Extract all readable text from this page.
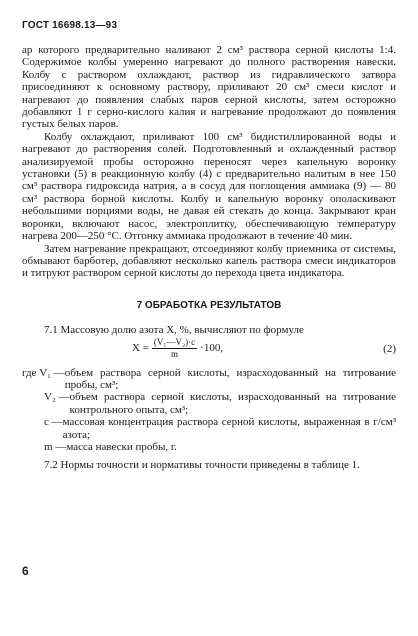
ГОСТ 16698.13—93

ар которого предварительно наливают 2 см³ раствора серной кислоты 1:4. Содержимое колбы умеренно нагревают до полного растворения навески. Колбу с раствором охлаждают, раствор из гидравлического затвора присоединяют к основному раствору, приливают 20 см³ смеси кислот и нагревают до появления слабых паров серной кислоты, затем осторожно добавляют 1 г серно-кислого калия и нагревание продолжают до появления густых белых паров.

Колбу охлаждают, приливают 100 см³ бидистиллированной воды и нагревают до растворения солей. Подготовленный и охлажденный раствор анализируемой пробы осторожно переносят через капельную воронку установки (5) в реакционную колбу (4) с предварительно налитым в нее 150 см³ раствора гидроксида натрия, а в сосуд для поглощения аммиака (9) — 80 см³ раствора борной кислоты. Колбу и капельную воронку ополаскивают небольшими порциями воды, не давая ей стекать до конца. Закрывают кран воронки, включают насос, электроплитку, обеспечивающую температуру нагрева 200—250 °С. Отгонку аммиака продолжают в течение 40 мин.

Затем нагревание прекращают, отсоединяют колбу приемника от системы, обмывают барботер, добавляют несколько капель раствора смеси индикаторов и титруют раствором серной кислоты до перехода цвета индикатора.

7 ОБРАБОТКА РЕЗУЛЬТАТОВ

7.1 Массовую долю азота X, %, вычисляют по формуле

$X = \frac{\text{(V₁—V₂)·c}}{m} \cdot 100$,	(2)
где V₁ — объем раствора серной кислоты, израсходованный на титрование пробы, см³;
V₂ — объем раствора серной кислоты, израсходованный на титрование контрольного опыта, см³;
с — массовая концентрация раствора серной кислоты, выраженная в г/см³ азота;
m — масса навески пробы, г.

7.2 Нормы точности и нормативы точности приведены в таблице 1.

6
